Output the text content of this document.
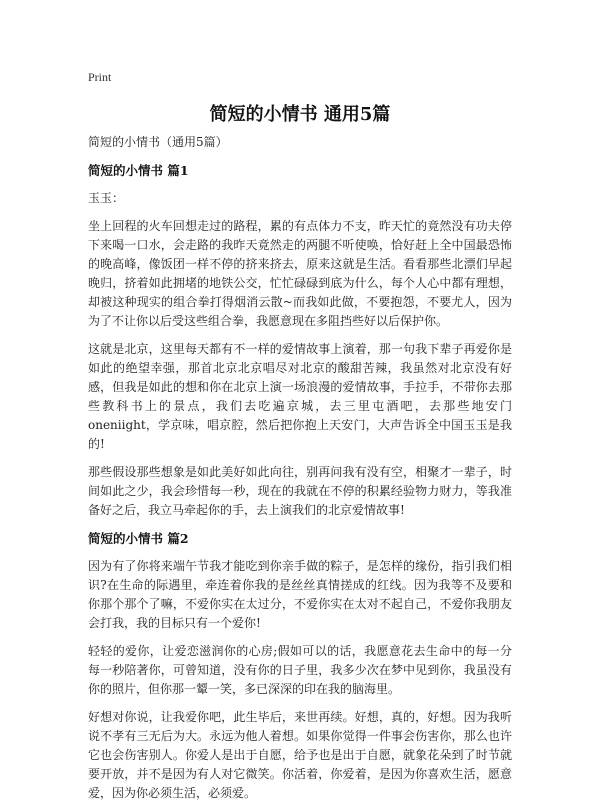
Print
简短的小情书 通用5篇

简短的小情书（通用5篇）

简短的小情书 篇1

玉玉：

坐上回程的火车回想走过的路程，累的有点体力不支，昨天忙的竟然没有功夫停下来喝一口水，会走路的我昨天竟然走的两腿不听使唤，恰好赶上全中国最恐怖的晚高峰，像饭团一样不停的挤来挤去，原来这就是生活。看看那些北漂们早起晚归，挤着如此拥堵的地铁公交，忙忙碌碌到底为什么，每个人心中都有理想，却被这种现实的组合拳打得烟消云散~而我如此做，不要抱怨，不要尤人，因为为了不让你以后受这些组合拳，我愿意现在多阻挡些好以后保护你。

这就是北京，这里每天都有不一样的爱情故事上演着，那一句我下辈子再爱你是如此的绝望幸强，那首北京北京唱尽对北京的酸甜苦辣，我虽然对北京没有好感，但我是如此的想和你在北京上演一场浪漫的爱情故事，手拉手，不带你去那些教科书上的景点，我们去吃遍京城，去三里屯酒吧，去那些地安门oneniight，学京味，唱京腔，然后把你抱上天安门，大声告诉全中国玉玉是我的!

那些假设那些想象是如此美好如此向往，别再问我有没有空，相聚才一辈子，时间如此之少，我会珍惜每一秒，现在的我就在不停的积累经验物力财力，等我准备好之后，我立马牵起你的手，去上演我们的北京爱情故事!

简短的小情书 篇2

因为有了你将来端午节我才能吃到你亲手做的粽子，是怎样的缘份，指引我们相识?在生命的际遇里，牵连着你我的是丝丝真情搓成的红线。因为我等不及要和你那个那个了嘛，不爱你实在太过分，不爱你实在太对不起自己，不爱你我朋友会打我，我的目标只有一个爱你!

轻轻的爱你，让爱恋滋润你的心房;假如可以的话，我愿意花去生命中的每一分每一秒陪著你，可曾知道，没有你的日子里，我多少次在梦中见到你，我虽没有你的照片，但你那一颦一笑，多已深深的印在我的脑海里。

好想对你说，让我爱你吧，此生毕后，来世再续。好想，真的，好想。因为我听说不孝有三无后为大。永远为他人着想。如果你觉得一件事会伤害你，那么也许它也会伤害别人。你爱人是出于自愿，给予也是出于自愿，就象花朵到了时节就要开放，并不是因为有人对它微笑。你活着，你爱着，是因为你喜欢生活，愿意爱，因为你必须生活，必须爱。
